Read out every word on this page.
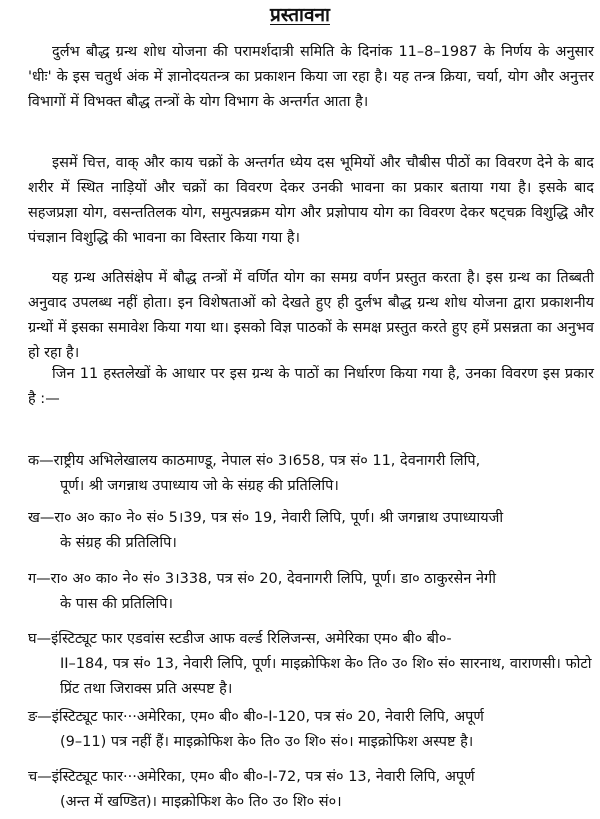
प्रस्तावना

दुर्लभ बौद्ध ग्रन्थ शोध योजना की परामर्शदात्री समिति के दिनांक 11–8–1987 के निर्णय के अनुसार 'धीः' के इस चतुर्थ अंक में ज्ञानोदयतन्त्र का प्रकाशन किया जा रहा है। यह तन्त्र क्रिया, चर्या, योग और अनुत्तर विभागों में विभक्त बौद्ध तन्त्रों के योग विभाग के अन्तर्गत आता है।

इसमें चित्त, वाक् और काय चक्रों के अन्तर्गत ध्येय दस भूमियों और चौबीस पीठों का विवरण देने के बाद शरीर में स्थित नाड़ियों और चक्रों का विवरण देकर उनकी भावना का प्रकार बताया गया है। इसके बाद सहजप्रज्ञा योग, वसन्ततिलक योग, समुत्पन्नक्रम योग और प्रज्ञोपाय योग का विवरण देकर षट्चक्र विशुद्धि और पंचज्ञान विशुद्धि की भावना का विस्तार किया गया है।

यह ग्रन्थ अतिसंक्षेप में बौद्ध तन्त्रों में वर्णित योग का समग्र वर्णन प्रस्तुत करता है। इस ग्रन्थ का तिब्बती अनुवाद उपलब्ध नहीं होता। इन विशेषताओं को देखते हुए ही दुर्लभ बौद्ध ग्रन्थ शोध योजना द्वारा प्रकाशनीय ग्रन्थों में इसका समावेश किया गया था। इसको विज्ञ पाठकों के समक्ष प्रस्तुत करते हुए हमें प्रसन्नता का अनुभव हो रहा है।

जिन 11 हस्तलेखों के आधार पर इस ग्रन्थ के पाठों का निर्धारण किया गया है, उनका विवरण इस प्रकार है :—

क—राष्ट्रीय अभिलेखालय काठमाण्डू, नेपाल सं० 3।658, पत्र सं० 11, देवनागरी लिपि,
पूर्ण। श्री जगन्नाथ उपाध्याय जो के संग्रह की प्रतिलिपि।

ख—रा० अ० का० ने० सं० 5।39, पत्र सं० 19, नेवारी लिपि, पूर्ण। श्री जगन्नाथ उपाध्यायजी
के संग्रह की प्रतिलिपि।

ग—रा० अ० का० ने० सं० 3।338, पत्र सं० 20, देवनागरी लिपि, पूर्ण। डा० ठाकुरसेन नेगी
के पास की प्रतिलिपि।

घ—इंस्टिट्यूट फार एडवांस स्टडीज आफ वर्ल्ड रिलिजन्स, अमेरिका एम० बी० बी०-
II–184, पत्र सं० 13, नेवारी लिपि, पूर्ण। माइक्रोफिश के० ति० उ० शि० सं० सारनाथ, वाराणसी। फोटो प्रिंट तथा जिराक्स प्रति अस्पष्ट है।

ङ—इंस्टिट्यूट फार···अमेरिका, एम० बी० बी०-I-120, पत्र सं० 20, नेवारी लिपि, अपूर्ण
(9–11) पत्र नहीं हैं। माइक्रोफिश के० ति० उ० शि० सं०। माइक्रोफिश अस्पष्ट है।

च—इंस्टिट्यूट फार···अमेरिका, एम० बी० बी०-I-72, पत्र सं० 13, नेवारी लिपि, अपूर्ण
(अन्त में खण्डित)। माइक्रोफिश के० ति० उ० शि० सं०।
